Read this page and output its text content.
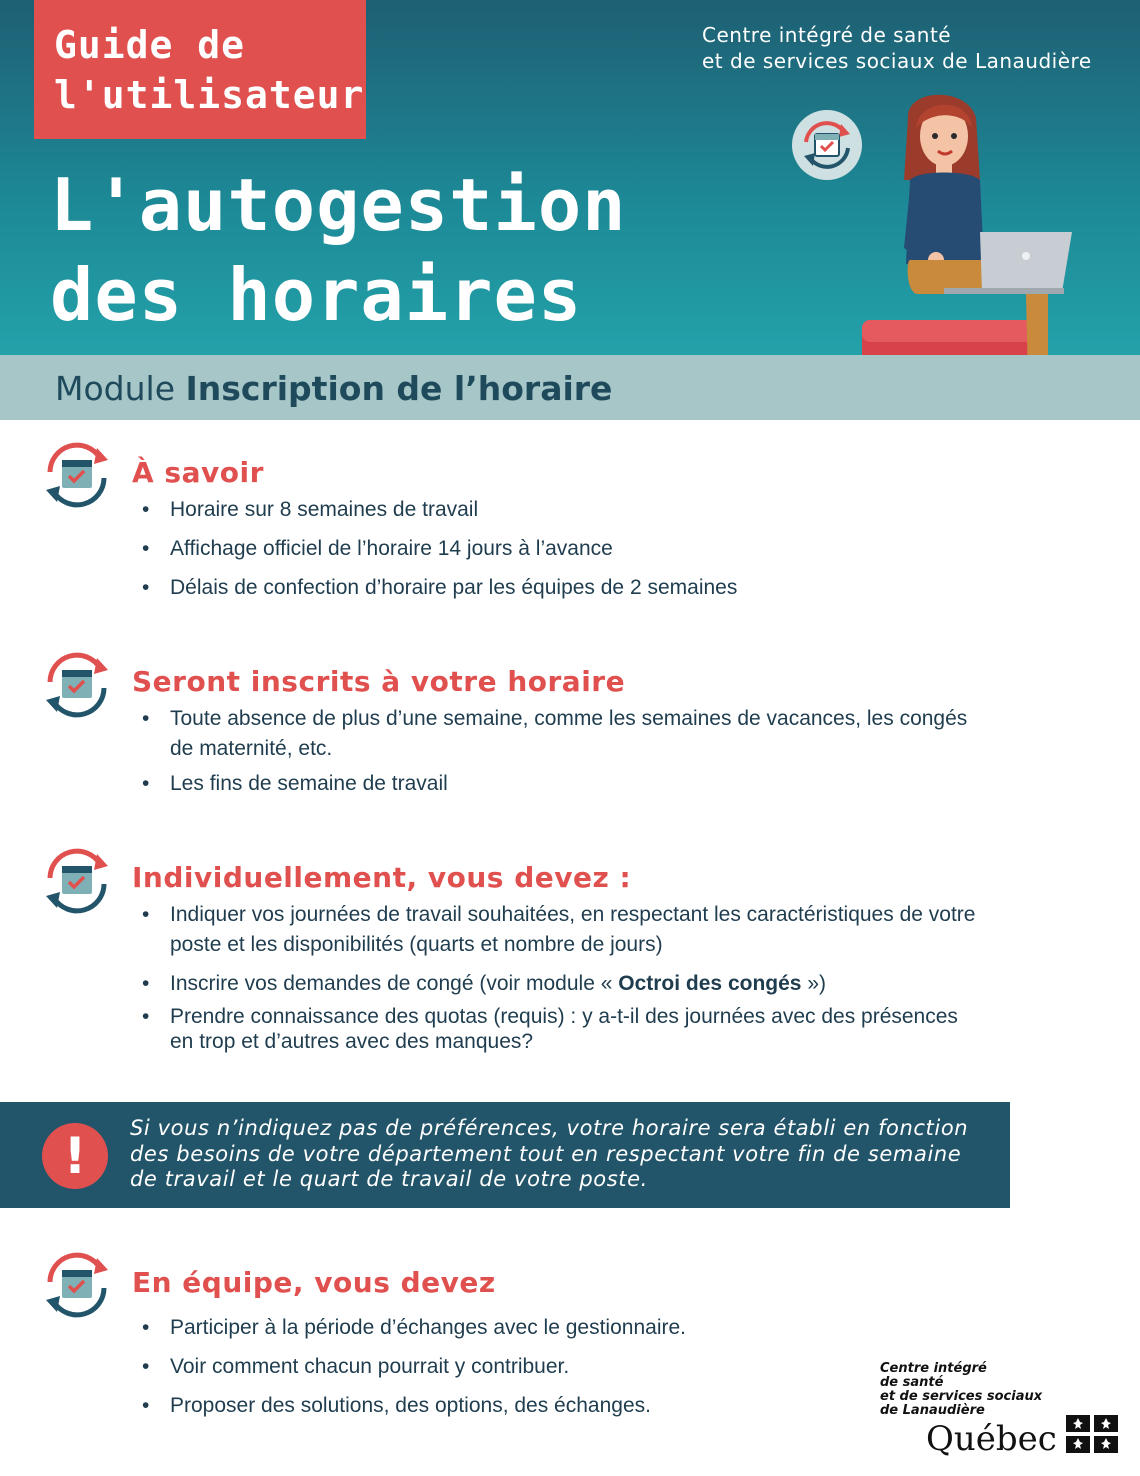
Guide de
l'utilisateur
Centre intégré de santé
et de services sociaux de Lanaudière
L'autogestion
des horaires
Module Inscription de l’horaire
À savoir
• Horaire sur 8 semaines de travail
• Affichage officiel de l’horaire 14 jours à l’avance
• Délais de confection d’horaire par les équipes de 2 semaines
Seront inscrits à votre horaire
• Toute absence de plus d’une semaine, comme les semaines de vacances, les congés
de maternité, etc.
• Les fins de semaine de travail
Individuellement, vous devez :
• Indiquer vos journées de travail souhaitées, en respectant les caractéristiques de votre
poste et les disponibilités (quarts et nombre de jours)
• Inscrire vos demandes de congé (voir module « Octroi des congés »)
• Prendre connaissance des quotas (requis) : y a-t-il des journées avec des présences
en trop et d’autres avec des manques?
!	Si vous n’indiquez pas de préférences, votre horaire sera établi en fonction
des besoins de votre département tout en respectant votre fin de semaine
de travail et le quart de travail de votre poste.
En équipe, vous devez
• Participer à la période d’échanges avec le gestionnaire.
• Voir comment chacun pourrait y contribuer.
• Proposer des solutions, des options, des échanges.
Centre intégré
de santé
et de services sociaux
de Lanaudière
Québec
